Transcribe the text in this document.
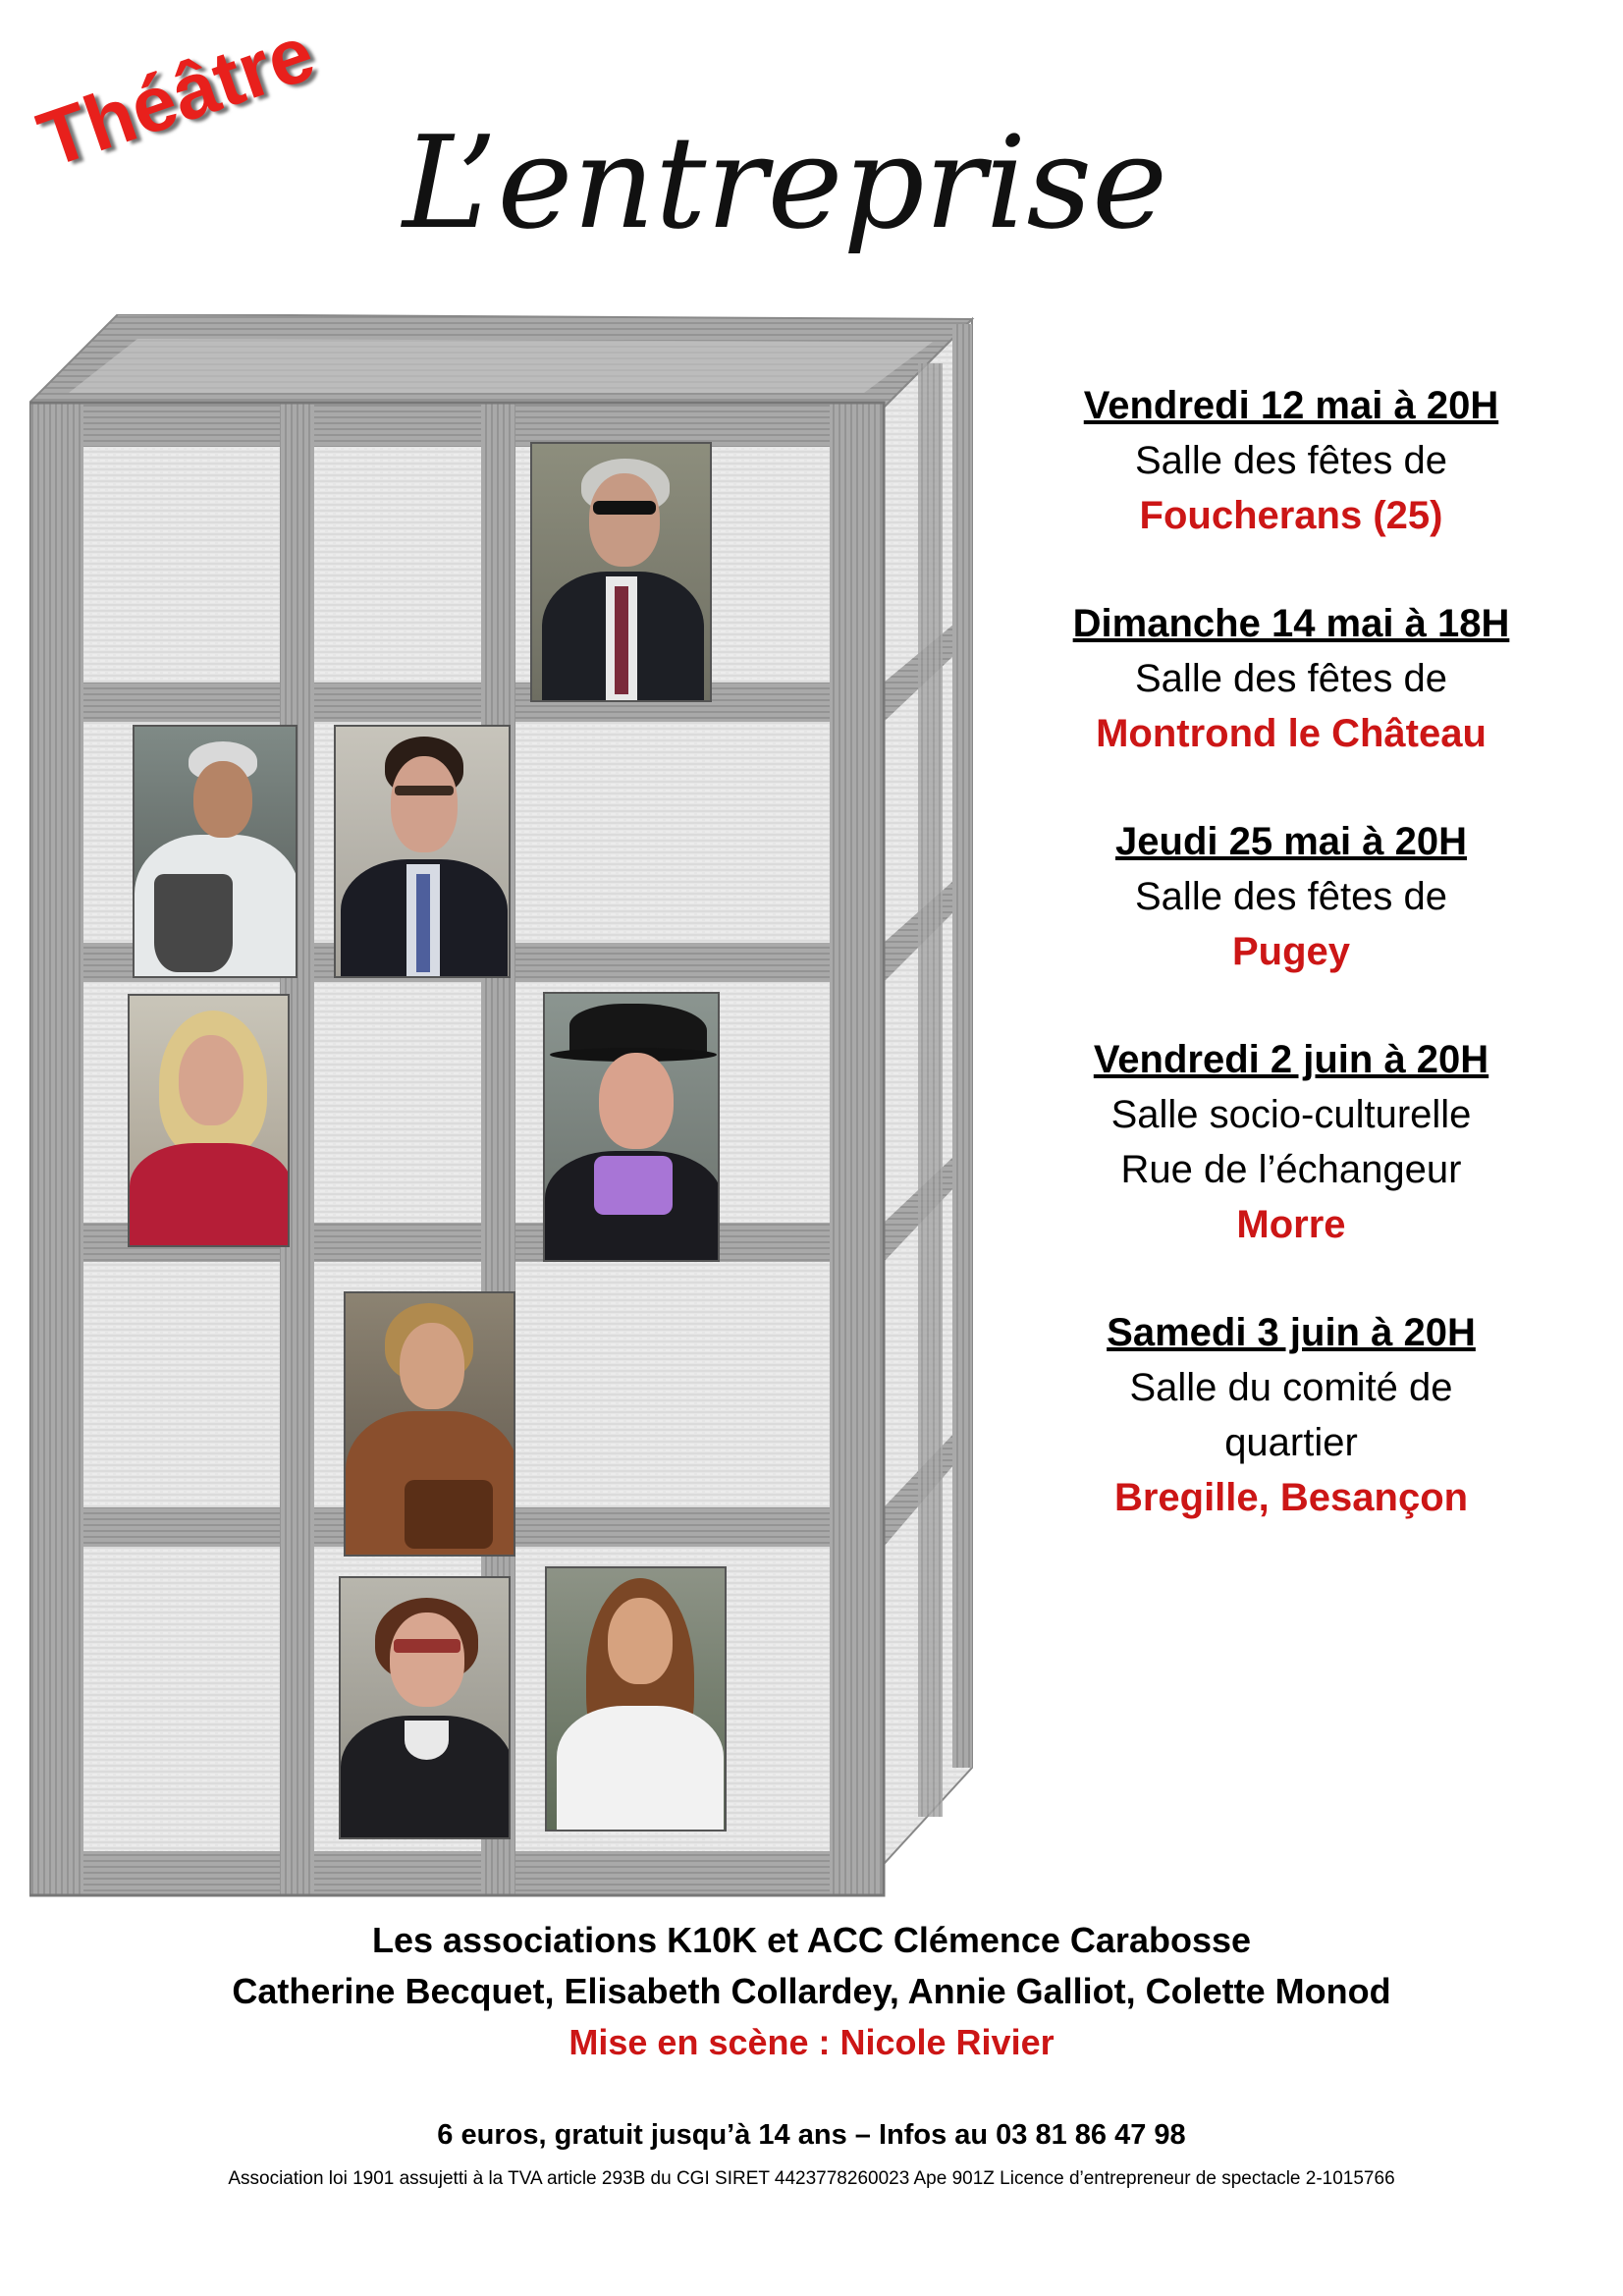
Théâtre L’entreprise
Vendredi 12 mai à 20H
Salle des fêtes de
Foucherans (25)
Dimanche 14 mai à 18H
Salle des fêtes de
Montrond le Château
Jeudi 25 mai à 20H
Salle des fêtes de
Pugey
Vendredi 2 juin à 20H
Salle socio-culturelle
Rue de l’échangeur
Morre
Samedi 3 juin à 20H
Salle du comité de
quartier
Bregille, Besançon
Les associations K10K et ACC Clémence Carabosse
Catherine Becquet, Elisabeth Collardey, Annie Galliot, Colette Monod
Mise en scène : Nicole Rivier
6 euros, gratuit jusqu’à 14 ans – Infos au 03 81 86 47 98
Association loi 1901 assujetti à la TVA article 293B du CGI SIRET 4423778260023 Ape 901Z Licence d’entrepreneur de spectacle 2-1015766
